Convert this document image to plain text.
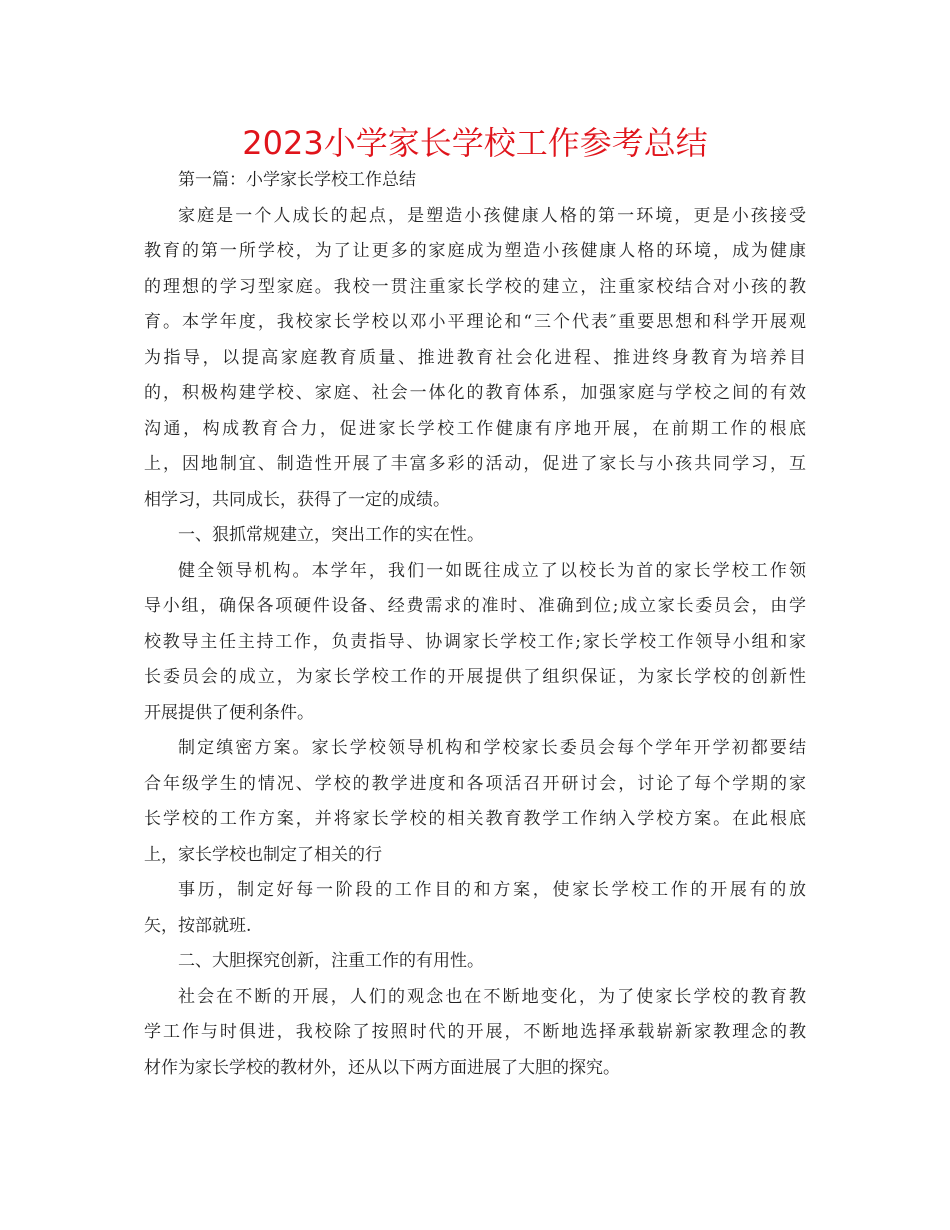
2023小学家长学校工作参考总结
第一篇：小学家长学校工作总结
家庭是一个人成长的起点，是塑造小孩健康人格的第一环境，更是小孩接受
教育的第一所学校，为了让更多的家庭成为塑造小孩健康人格的环境，成为健康
的理想的学习型家庭。我校一贯注重家长学校的建立，注重家校结合对小孩的教
育。本学年度，我校家长学校以邓小平理论和“三个代表″重要思想和科学开展观
为指导，以提高家庭教育质量、推进教育社会化进程、推进终身教育为培养目
的，积极构建学校、家庭、社会一体化的教育体系，加强家庭与学校之间的有效
沟通，构成教育合力，促进家长学校工作健康有序地开展，在前期工作的根底
上，因地制宜、制造性开展了丰富多彩的活动，促进了家长与小孩共同学习，互
相学习，共同成长，获得了一定的成绩。
一、狠抓常规建立，突出工作的实在性。
健全领导机构。本学年，我们一如既往成立了以校长为首的家长学校工作领
导小组，确保各项硬件设备、经费需求的准时、准确到位;成立家长委员会，由学
校教导主任主持工作，负责指导、协调家长学校工作;家长学校工作领导小组和家
长委员会的成立，为家长学校工作的开展提供了组织保证，为家长学校的创新性
开展提供了便利条件。
制定缜密方案。家长学校领导机构和学校家长委员会每个学年开学初都要结
合年级学生的情况、学校的教学进度和各项活召开研讨会，讨论了每个学期的家
长学校的工作方案，并将家长学校的相关教育教学工作纳入学校方案。在此根底
上，家长学校也制定了相关的行
事历，制定好每一阶段的工作目的和方案，使家长学校工作的开展有的放
矢，按部就班.
二、大胆探究创新，注重工作的有用性。
社会在不断的开展，人们的观念也在不断地变化，为了使家长学校的教育教
学工作与时俱进，我校除了按照时代的开展，不断地选择承载崭新家教理念的教
材作为家长学校的教材外，还从以下两方面进展了大胆的探究。
